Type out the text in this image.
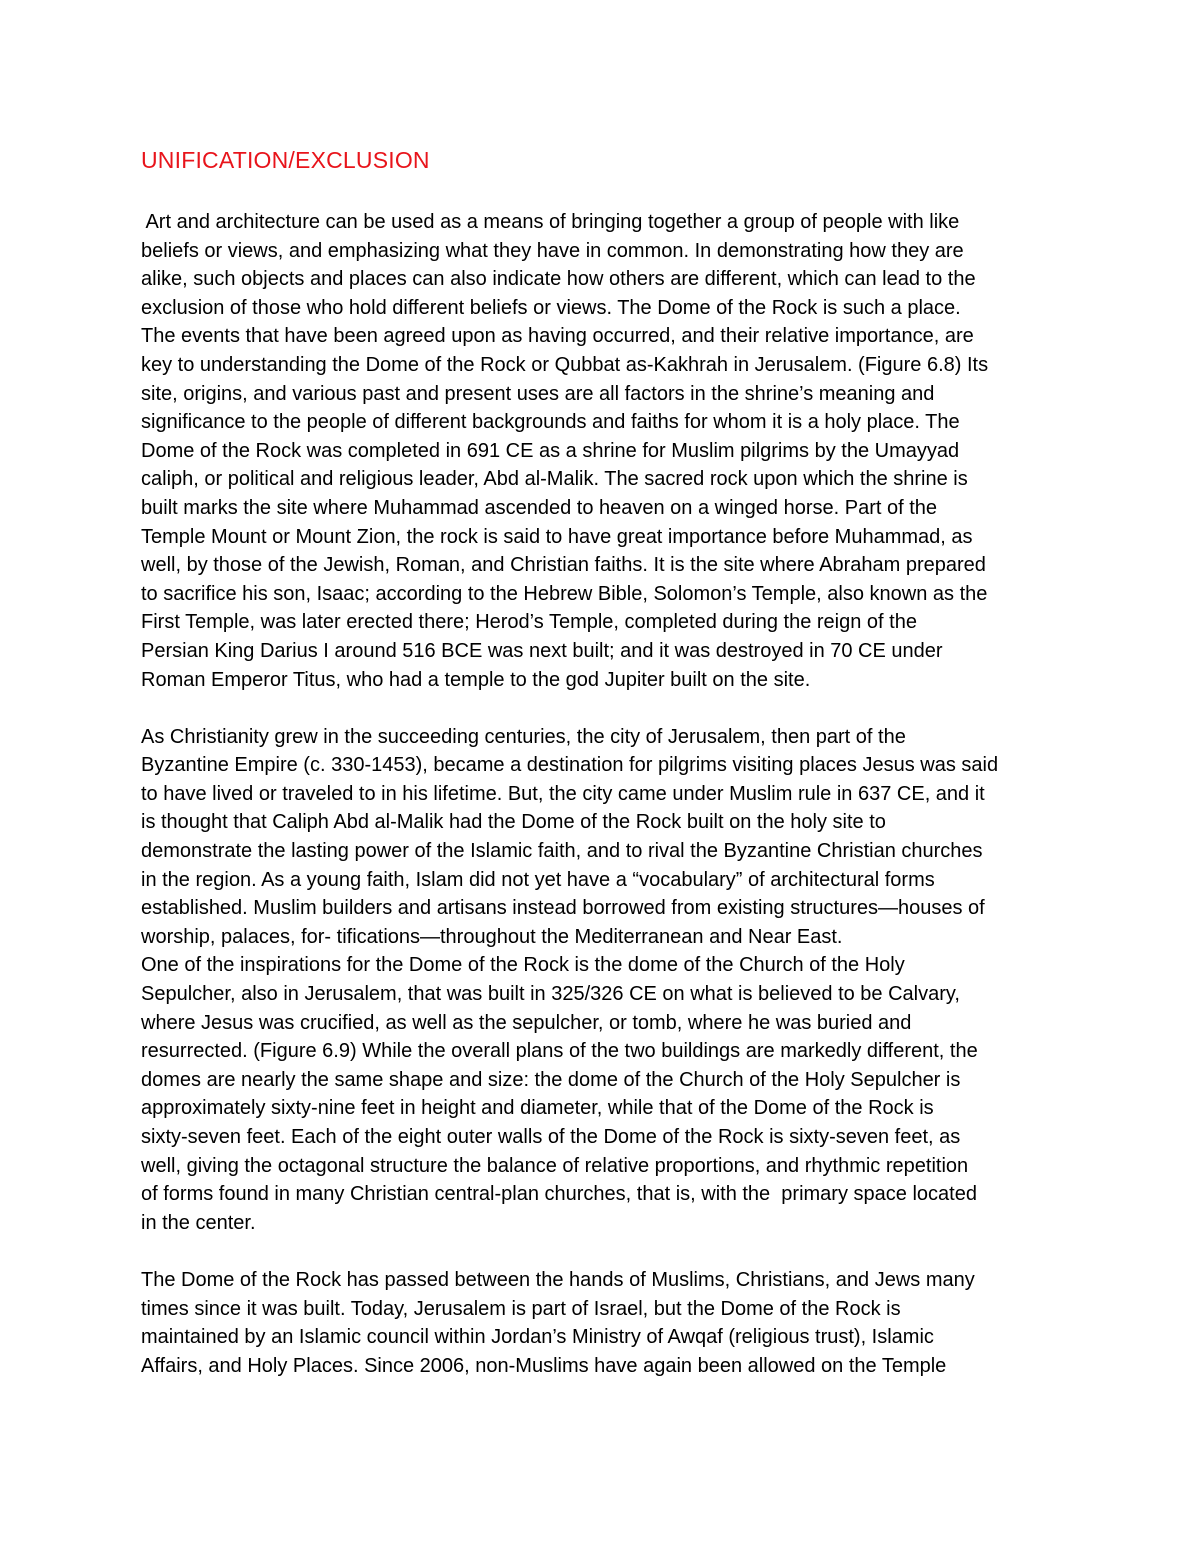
UNIFICATION/EXCLUSION
Art and architecture can be used as a means of bringing together a group of people with like
beliefs or views, and emphasizing what they have in common. In demonstrating how they are
alike, such objects and places can also indicate how others are different, which can lead to the
exclusion of those who hold different beliefs or views. The Dome of the Rock is such a place.
The events that have been agreed upon as having occurred, and their relative importance, are
key to understanding the Dome of the Rock or Qubbat as-Kakhrah in Jerusalem. (Figure 6.8) Its
site, origins, and various past and present uses are all factors in the shrine’s meaning and
significance to the people of different backgrounds and faiths for whom it is a holy place. The
Dome of the Rock was completed in 691 CE as a shrine for Muslim pilgrims by the Umayyad
caliph, or political and religious leader, Abd al-Malik. The sacred rock upon which the shrine is
built marks the site where Muhammad ascended to heaven on a winged horse. Part of the
Temple Mount or Mount Zion, the rock is said to have great importance before Muhammad, as
well, by those of the Jewish, Roman, and Christian faiths. It is the site where Abraham prepared
to sacrifice his son, Isaac; according to the Hebrew Bible, Solomon’s Temple, also known as the
First Temple, was later erected there; Herod’s Temple, completed during the reign of the
Persian King Darius I around 516 BCE was next built; and it was destroyed in 70 CE under
Roman Emperor Titus, who had a temple to the god Jupiter built on the site.
As Christianity grew in the succeeding centuries, the city of Jerusalem, then part of the
Byzantine Empire (c. 330-1453), became a destination for pilgrims visiting places Jesus was said
to have lived or traveled to in his lifetime. But, the city came under Muslim rule in 637 CE, and it
is thought that Caliph Abd al-Malik had the Dome of the Rock built on the holy site to
demonstrate the lasting power of the Islamic faith, and to rival the Byzantine Christian churches
in the region. As a young faith, Islam did not yet have a “vocabulary” of architectural forms
established. Muslim builders and artisans instead borrowed from existing structures—houses of
worship, palaces, for- tifications—throughout the Mediterranean and Near East.
One of the inspirations for the Dome of the Rock is the dome of the Church of the Holy
Sepulcher, also in Jerusalem, that was built in 325/326 CE on what is believed to be Calvary,
where Jesus was crucified, as well as the sepulcher, or tomb, where he was buried and
resurrected. (Figure 6.9) While the overall plans of the two buildings are markedly different, the
domes are nearly the same shape and size: the dome of the Church of the Holy Sepulcher is
approximately sixty-nine feet in height and diameter, while that of the Dome of the Rock is
sixty-seven feet. Each of the eight outer walls of the Dome of the Rock is sixty-seven feet, as
well, giving the octagonal structure the balance of relative proportions, and rhythmic repetition
of forms found in many Christian central-plan churches, that is, with the  primary space located
in the center.
The Dome of the Rock has passed between the hands of Muslims, Christians, and Jews many
times since it was built. Today, Jerusalem is part of Israel, but the Dome of the Rock is
maintained by an Islamic council within Jordan’s Ministry of Awqaf (religious trust), Islamic
Affairs, and Holy Places. Since 2006, non-Muslims have again been allowed on the Temple
